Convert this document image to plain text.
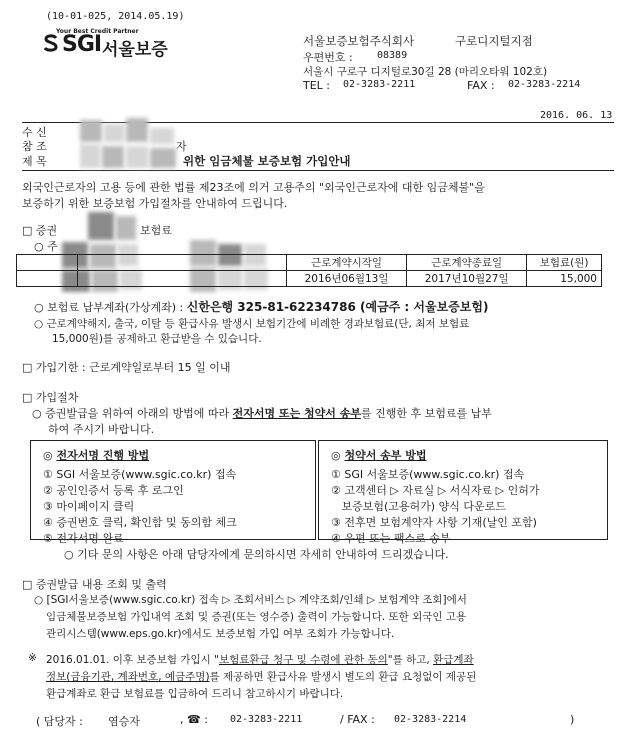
(10-01-025, 2014.05.19)
Your Best Credit Partner
SGI 서울보증	서울보증보험주식회사	구로디지털지점
우편번호 : 08389
서울시 구로구 디지털로30길 28 (마리오타워 102호)
TEL : 02-3283-2211	FAX : 02-3283-2214
2016. 06. 13
수 신
참 조	자
제 목	위한 임금체불 보증보험 가입안내
외국인근로자의 고용 등에 관한 법률 제23조에 의거 고용주의 "외국인근로자에 대한 임금체불"을
보증하기 위한 보증보험 가입절차를 안내하여 드립니다.
□ 증권	보험료
○ 주
		근로계약시작일	근로계약종료일	보험료(원)
		2016년06월13일	2017년10월27일	15,000
○ 보험료 납부계좌(가상계좌) : 신한은행 325-81-62234786 (예금주 : 서울보증보험)
○ 근로계약해지, 출국, 이탈 등 환급사유 발생시 보험기간에 비례한 경과보험료(단, 최저 보험료
15,000원)를 공제하고 환급받을 수 있습니다.
□ 가입기한 : 근로계약일로부터 15 일 이내
□ 가입절차
○ 증권발급을 위하여 아래의 방법에 따라 전자서명 또는 청약서 송부를 진행한 후 보험료를 납부
하여 주시기 바랍니다.
◎ 전자서명 진행 방법
① SGI 서울보증(www.sgic.co.kr) 접속
② 공인인증서 등록 후 로그인
③ 마이페이지 클릭
④ 증권번호 클릭, 확인함 및 동의함 체크
⑤ 전자서명 완료
◎ 청약서 송부 방법
① SGI 서울보증(www.sgic.co.kr) 접속
② 고객센터 ▷ 자료실 ▷ 서식자료 ▷ 인허가
보증보험(고용허가) 양식 다운로드
③ 전후면 보험계약자 사항 기재(날인 포함)
④ 우편 또는 팩스로 송부
○ 기타 문의 사항은 아래 담당자에게 문의하시면 자세히 안내하여 드리겠습니다.
□ 증권발급 내용 조회 및 출력
○ [SGI서울보증(www.sgic.co.kr) 접속 ▷ 조회서비스 ▷ 계약조회/인쇄 ▷ 보험계약 조회]에서
임금체불보증보험 가입내역 조회 및 증권(또는 영수증) 출력이 가능합니다. 또한 외국인 고용
관리시스템(www.eps.go.kr)에서도 보증보험 가입 여부 조회가 가능합니다.
※ 2016.01.01. 이후 보증보험 가입시 "보험료환급 청구 및 수령에 관한 동의"를 하고, 환급계좌
정보(금융기관, 계좌번호, 예금주명)를 제공하면 환급사유 발생시 별도의 환급 요청없이 제공된
환급계좌로 환급 보험료를 입금하여 드리니 참고하시기 바랍니다.
( 담당자 : 염승자	, ☎ : 02-3283-2211	/ FAX : 02-3283-2214	)
